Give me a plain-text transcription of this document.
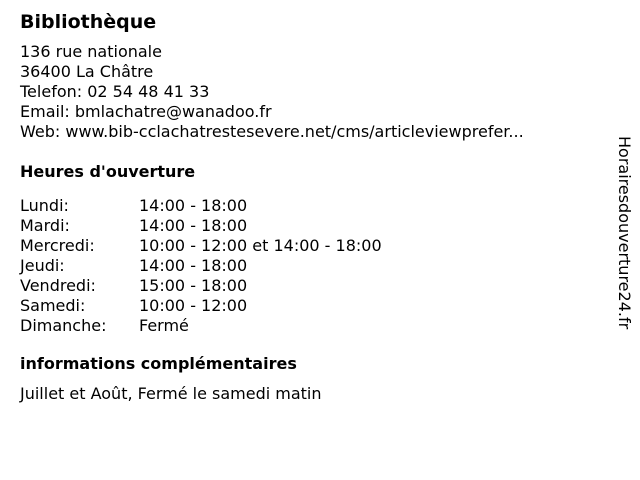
Bibliothèque
136 rue nationale
36400 La Châtre
Telefon: 02 54 48 41 33
Email: bmlachatre@wanadoo.fr
Web: www.bib-cclachatrestesevere.net/cms/articleviewprefer...
Heures d'ouverture
Lundi:	14:00 - 18:00
Mardi:	14:00 - 18:00
Mercredi:	10:00 - 12:00 et 14:00 - 18:00
Jeudi:	14:00 - 18:00
Vendredi:	15:00 - 18:00
Samedi:	10:00 - 12:00
Dimanche:	Fermé
informations complémentaires
Juillet et Août, Fermé le samedi matin
Horairesdouverture24.fr
